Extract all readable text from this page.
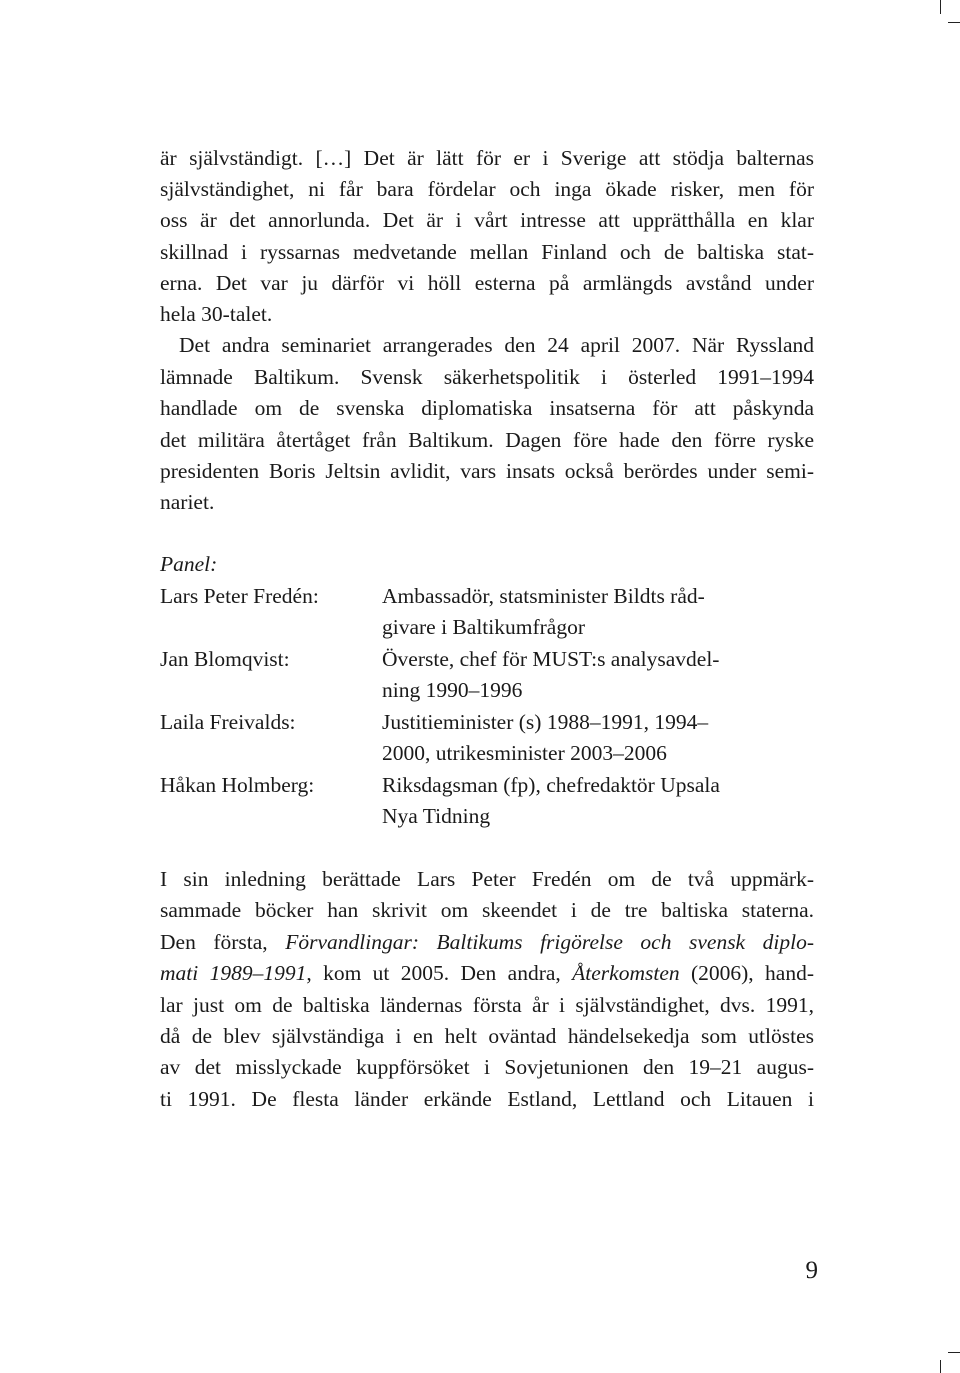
är självständigt. […] Det är lätt för er i Sverige att stödja balternas
självständighet, ni får bara fördelar och inga ökade risker, men för
oss är det annorlunda. Det är i vårt intresse att upprätthålla en klar
skillnad i ryssarnas medvetande mellan Finland och de baltiska stat-
erna. Det var ju därför vi höll esterna på armlängds avstånd under
hela 30-talet.
Det andra seminariet arrangerades den 24 april 2007. När Ryssland
lämnade Baltikum. Svensk säkerhetspolitik i österled 1991–1994
handlade om de svenska diplomatiska insatserna för att påskynda
det militära återtåget från Baltikum. Dagen före hade den förre ryske
presidenten Boris Jeltsin avlidit, vars insats också berördes under semi-
nariet.
Panel:
Lars Peter Fredén:	Ambassadör, statsminister Bildts råd-
givare i Baltikumfrågor
Jan Blomqvist:	Överste, chef för MUST:s analysavdel-
ning 1990–1996
Laila Freivalds:	Justitieminister (s) 1988–1991, 1994–
2000, utrikesminister 2003–2006
Håkan Holmberg:	Riksdagsman (fp), chefredaktör Upsala
Nya Tidning
I sin inledning berättade Lars Peter Fredén om de två uppmärk-
sammade böcker han skrivit om skeendet i de tre baltiska staterna.
Den första, Förvandlingar: Baltikums frigörelse och svensk diplo-
mati 1989–1991, kom ut 2005. Den andra, Återkomsten (2006), hand-
lar just om de baltiska ländernas första år i självständighet, dvs. 1991,
då de blev självständiga i en helt oväntad händelsekedja som utlöstes
av det misslyckade kuppförsöket i Sovjetunionen den 19–21 augus-
ti 1991. De flesta länder erkände Estland, Lettland och Litauen i
9
